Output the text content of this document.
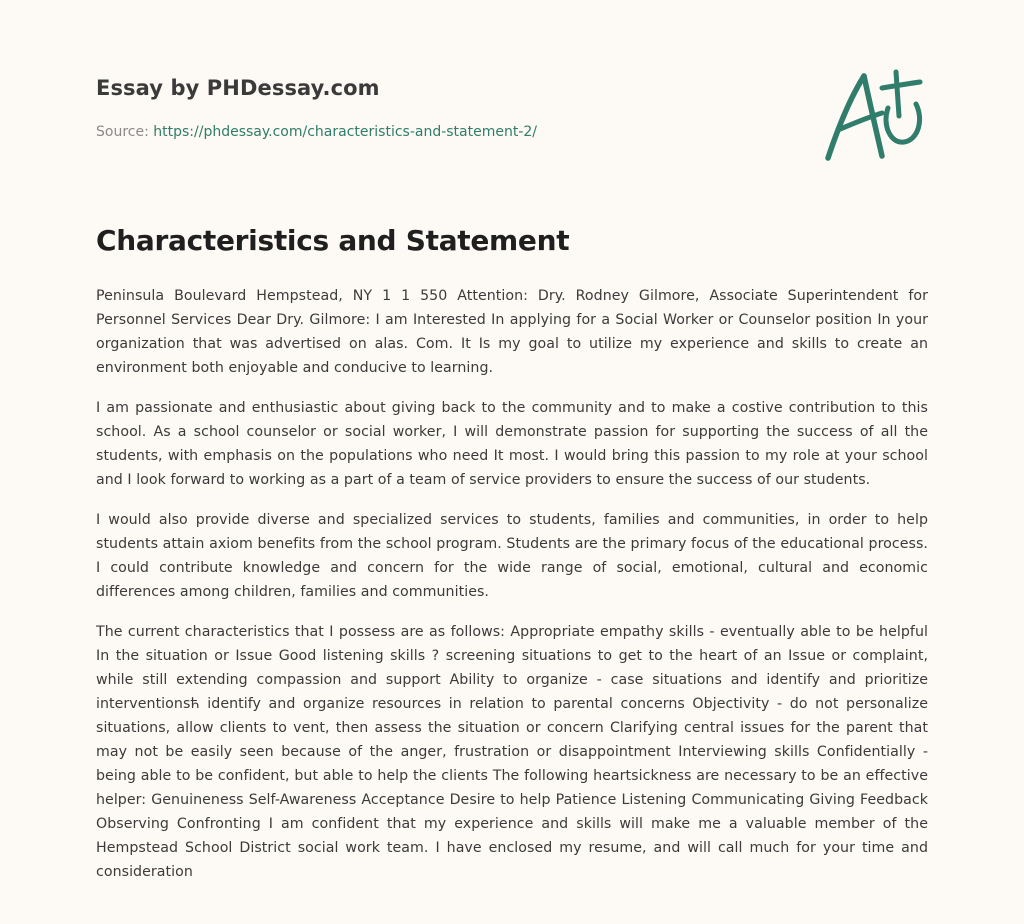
Essay by PHDessay.com
Source: https://phdessay.com/characteristics-and-statement-2/
Characteristics and Statement

Peninsula Boulevard Hempstead, NY 1 1 550 Attention: Dry. Rodney Gilmore, Associate Superintendent for Personnel Services Dear Dry. Gilmore: I am Interested In applying for a Social Worker or Counselor position In your organization that was advertised on alas. Com. It Is my goal to utilize my experience and skills to create an environment both enjoyable and conducive to learning.

I am passionate and enthusiastic about giving back to the community and to make a costive contribution to this school. As a school counselor or social worker, I will demonstrate passion for supporting the success of all the students, with emphasis on the populations who need It most. I would bring this passion to my role at your school and I look forward to working as a part of a team of service providers to ensure the success of our students.

I would also provide diverse and specialized services to students, families and communities, in order to help students attain axiom benefits from the school program. Students are the primary focus of the educational process. I could contribute knowledge and concern for the wide range of social, emotional, cultural and economic differences among children, families and communities.

The current characteristics that I possess are as follows: Appropriate empathy skills - eventually able to be helpful In the situation or Issue Good listening skills ? screening situations to get to the heart of an Issue or complaint, while still extending compassion and support Ability to organize - case situations and identify and prioritize interventionsћ identify and organize resources in relation to parental concerns Objectivity - do not personalize situations, allow clients to vent, then assess the situation or concern Clarifying central issues for the parent that may not be easily seen because of the anger, frustration or disappointment Interviewing skills Confidentially - being able to be confident, but able to help the clients The following heartsickness are necessary to be an effective helper: Genuineness Self-Awareness Acceptance Desire to help Patience Listening Communicating Giving Feedback Observing Confronting I am confident that my experience and skills will make me a valuable member of the Hempstead School District social work team. I have enclosed my resume, and will call much for your time and consideration
